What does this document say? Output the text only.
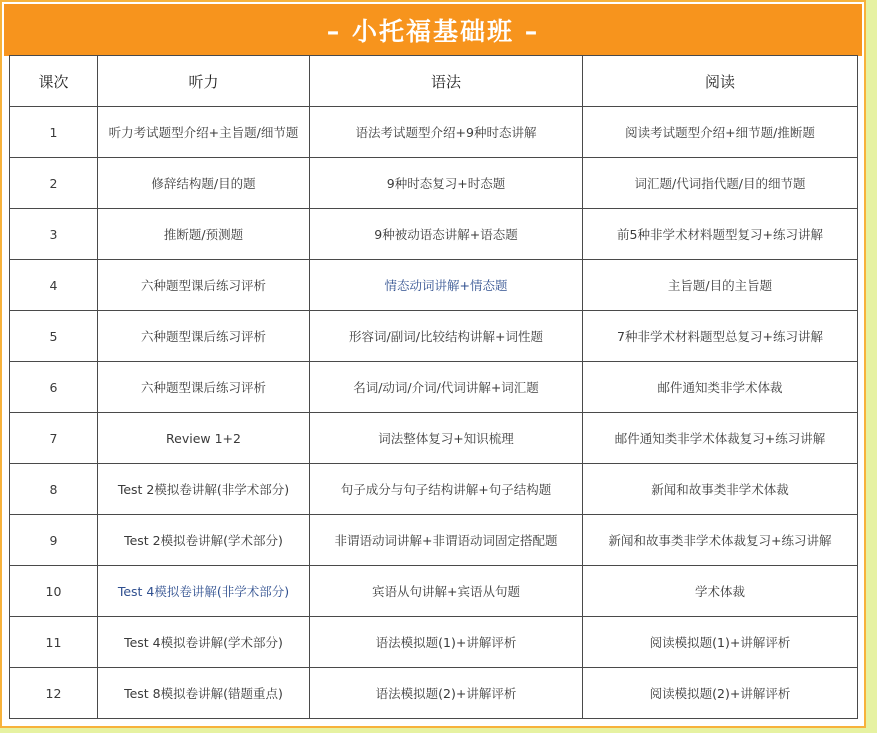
– 小托福基础班 –
课次	听力	语法	阅读
1	听力考试题型介绍+主旨题/细节题	语法考试题型介绍+9种时态讲解	阅读考试题型介绍+细节题/推断题
2	修辞结构题/目的题	9种时态复习+时态题	词汇题/代词指代题/目的细节题
3	推断题/预测题	9种被动语态讲解+语态题	前5种非学术材料题型复习+练习讲解
4	六种题型课后练习评析	情态动词讲解+情态题	主旨题/目的主旨题
5	六种题型课后练习评析	形容词/副词/比较结构讲解+词性题	7种非学术材料题型总复习+练习讲解
6	六种题型课后练习评析	名词/动词/介词/代词讲解+词汇题	邮件通知类非学术体裁
7	Review 1+2	词法整体复习+知识梳理	邮件通知类非学术体裁复习+练习讲解
8	Test 2模拟卷讲解(非学术部分)	句子成分与句子结构讲解+句子结构题	新闻和故事类非学术体裁
9	Test 2模拟卷讲解(学术部分)	非谓语动词讲解+非谓语动词固定搭配题	新闻和故事类非学术体裁复习+练习讲解
10	Test 4模拟卷讲解(非学术部分)	宾语从句讲解+宾语从句题	学术体裁
11	Test 4模拟卷讲解(学术部分)	语法模拟题(1)+讲解评析	阅读模拟题(1)+讲解评析
12	Test 8模拟卷讲解(错题重点)	语法模拟题(2)+讲解评析	阅读模拟题(2)+讲解评析
